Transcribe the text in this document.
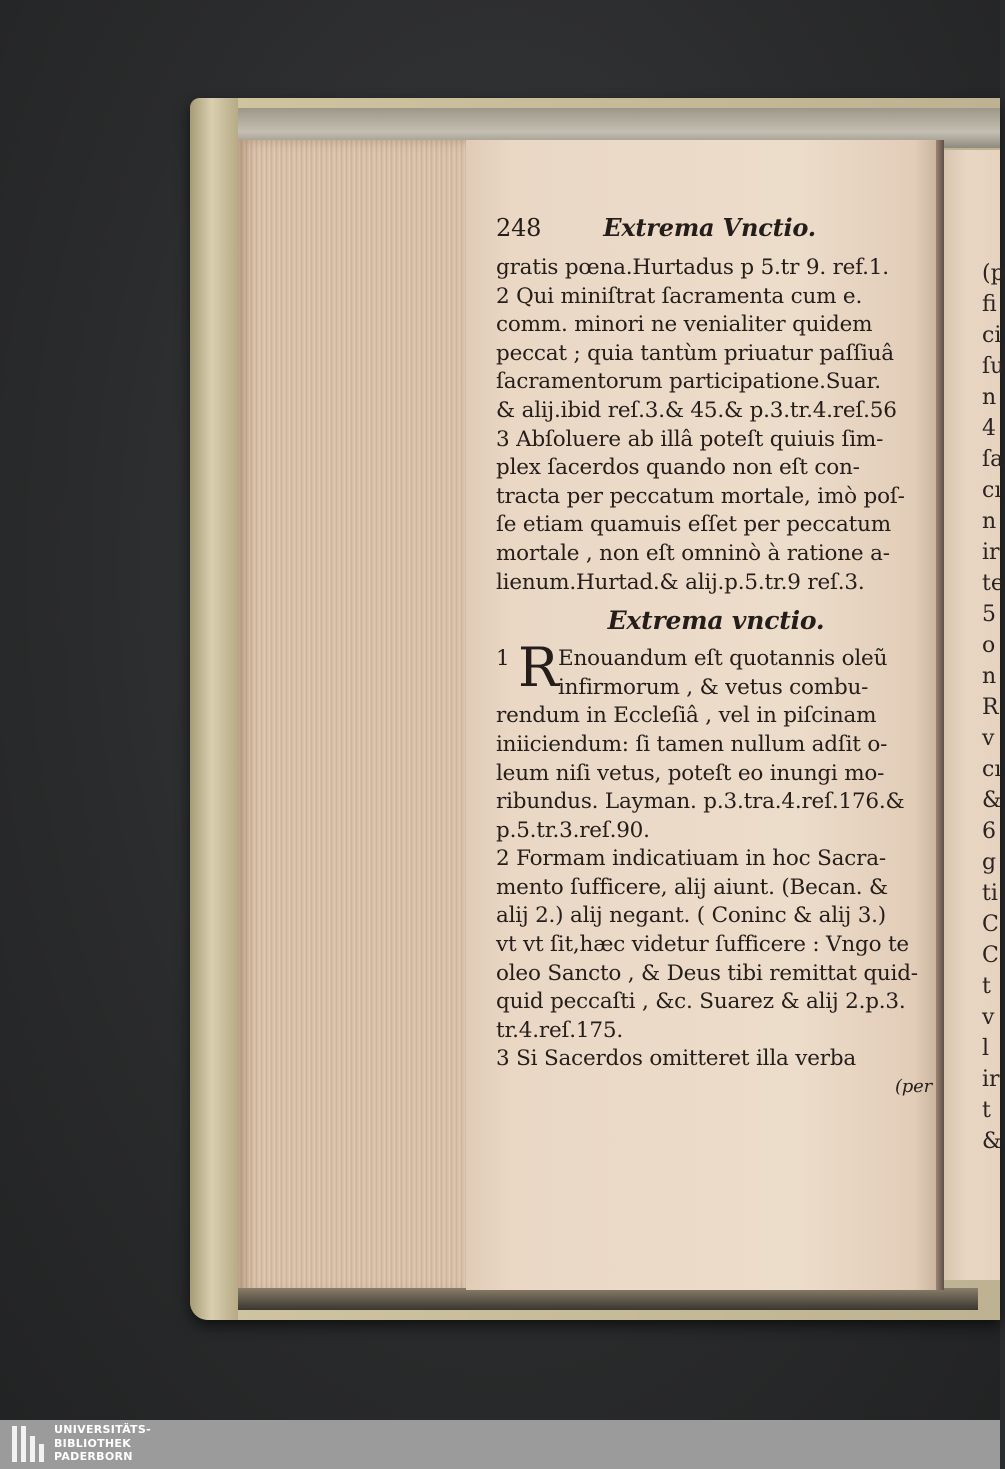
(p
fi
ci
ſu
n
4
ſa
cı
n
ir
te
5
o
n
R
v
cı
&
6
g
ti
C
C
t
v
l
ir
t
&
248	Extrema Vnctio.
gratis pœna.Hurtadus p 5.tr 9. ref.1.
2 Qui miniſtrat ſacramenta cum e.
comm. minori ne venialiter quidem
peccat ; quia tantùm priuatur paſſiuâ
ſacramentorum participatione.Suar.
& alij.ibid reſ.3.& 45.& p.3.tr.4.reſ.56
3 Abſoluere ab illâ poteſt quiuis ſim-
plex ſacerdos quando non eſt con-
tracta per peccatum mortale, imò poſ-
ſe etiam quamuis eſſet per peccatum
mortale , non eſt omninò à ratione a-
lienum.Hurtad.& alij.p.5.tr.9 reſ.3.
Extrema vnctio.
1 R Enouandum eſt quotannis oleũ
infirmorum , & vetus combu-
rendum in Eccleſiâ , vel in piſcinam
iniiciendum: ſi tamen nullum adſit o-
leum niſi vetus, poteſt eo inungi mo-
ribundus. Layman. p.3.tra.4.reſ.176.&
p.5.tr.3.reſ.90.
2 Formam indicatiuam in hoc Sacra-
mento ſufficere, alij aiunt. (Becan. &
alij 2.) alij negant. ( Coninc & alij 3.)
vt vt ſit,hæc videtur ſufficere : Vngo te
oleo Sancto , & Deus tibi remittat quid-
quid peccaſti , &c. Suarez & alij 2.p.3.
tr.4.reſ.175.
3 Si Sacerdos omitteret illa verba
(per
UNIVERSITÄTS-
BIBLIOTHEK
PADERBORN
